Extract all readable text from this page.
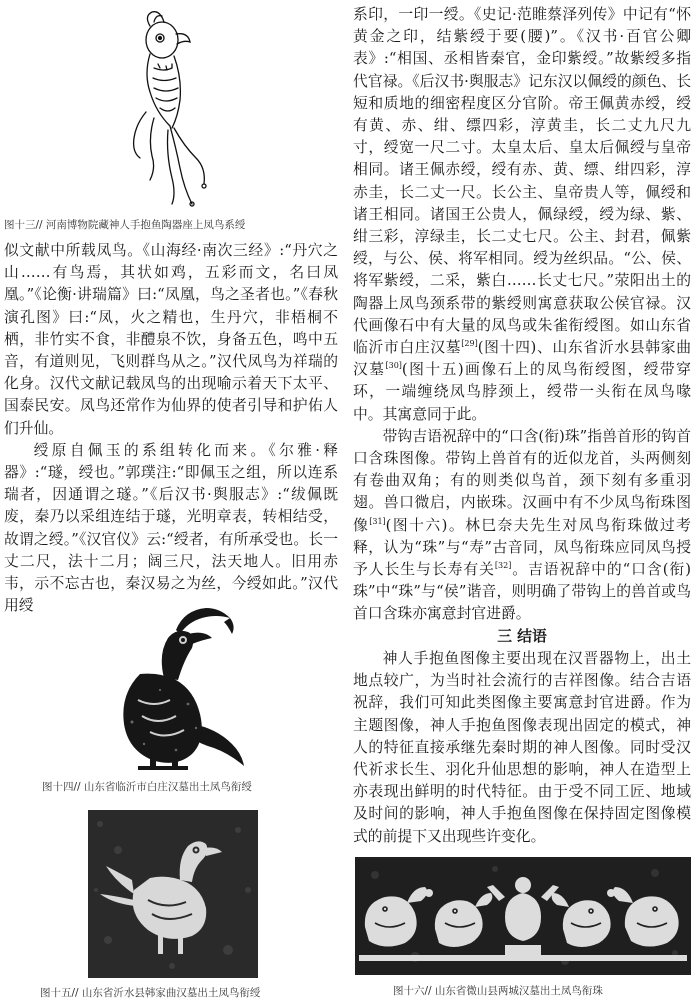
图十三// 河南博物院藏神人手抱鱼陶器座上凤鸟系绶

似文献中所载凤鸟。《山海经·南次三经》:“丹穴之山……有鸟焉，其状如鸡，五彩而文，名曰凤凰。”《论衡·讲瑞篇》曰:“凤凰，鸟之圣者也。”《春秋演孔图》曰:“凤，火之精也，生丹穴，非梧桐不栖，非竹实不食，非醴泉不饮，身备五色，鸣中五音，有道则见，飞则群鸟从之。”汉代凤鸟为祥瑞的化身。汉代文献记载凤鸟的出现喻示着天下太平、国泰民安。凤鸟还常作为仙界的使者引导和护佑人们升仙。

绶原自佩玉的系组转化而来。《尔雅·释器》:“璲，绶也。”郭璞注:“即佩玉之组，所以连系瑞者，因通谓之璲。”《后汉书·舆服志》:“绂佩既废，秦乃以采组连结于璲，光明章表，转相结受，故谓之绶。”《汉官仪》云:“绶者，有所承受也。长一丈二尺，法十二月；阔三尺，法天地人。旧用赤韦，示不忘古也，秦汉易之为丝，今绶如此。”汉代用绶

图十四// 山东省临沂市白庄汉墓出土凤鸟衔绶
图十五// 山东省沂水县韩家曲汉墓出土凤鸟衔绶

系印，一印一绶。《史记·范睢蔡泽列传》中记有“怀黄金之印，结紫绶于要(腰)”。《汉书·百官公卿表》:“相国、丞相皆秦官，金印紫绶。”故紫绶多指代官禄。《后汉书·舆服志》记东汉以佩绶的颜色、长短和质地的细密程度区分官阶。帝王佩黄赤绶，绶有黄、赤、绀、缥四彩，淳黄圭，长二丈九尺九寸，绶宽一尺二寸。太皇太后、皇太后佩绶与皇帝相同。诸王佩赤绶，绶有赤、黄、缥、绀四彩，淳赤圭，长二丈一尺。长公主、皇帝贵人等，佩绶和诸王相同。诸国王公贵人，佩绿绶，绶为绿、紫、绀三彩，淳绿圭，长二丈七尺。公主、封君，佩紫绶，与公、侯、将军相同。绶为丝织品。“公、侯、将军紫绶，二采，紫白……长丈七尺。”荥阳出土的陶器上凤鸟颈系带的紫绶则寓意获取公侯官禄。汉代画像石中有大量的凤鸟或朱雀衔绶图。如山东省临沂市白庄汉墓[29](图十四)、山东省沂水县韩家曲汉墓[30](图十五)画像石上的凤鸟衔绶图，绶带穿环，一端缠绕凤鸟脖颈上，绶带一头衔在凤鸟喙中。其寓意同于此。

带钩吉语祝辞中的“口含(衔)珠”指兽首形的钩首口含珠图像。带钩上兽首有的近似龙首，头两侧刻有卷曲双角；有的则类似鸟首，颈下刻有多重羽翅。兽口微启，内嵌珠。汉画中有不少凤鸟衔珠图像[31](图十六)。林巳奈夫先生对凤鸟衔珠做过考释，认为“珠”与“寿”古音同，凤鸟衔珠应同凤鸟授予人长生与长寿有关[32]。吉语祝辞中的“口含(衔)珠”中“珠”与“侯”谐音，则明确了带钩上的兽首或鸟首口含珠亦寓意封官进爵。

三 结语

神人手抱鱼图像主要出现在汉晋器物上，出土地点较广，为当时社会流行的吉祥图像。结合吉语祝辞，我们可知此类图像主要寓意封官进爵。作为主题图像，神人手抱鱼图像表现出固定的模式，神人的特征直接承继先秦时期的神人图像。同时受汉代祈求长生、羽化升仙思想的影响，神人在造型上亦表现出鲜明的时代特征。由于受不同工匠、地域及时间的影响，神人手抱鱼图像在保持固定图像模式的前提下又出现些许变化。

图十六// 山东省微山县两城汉墓出土凤鸟衔珠
